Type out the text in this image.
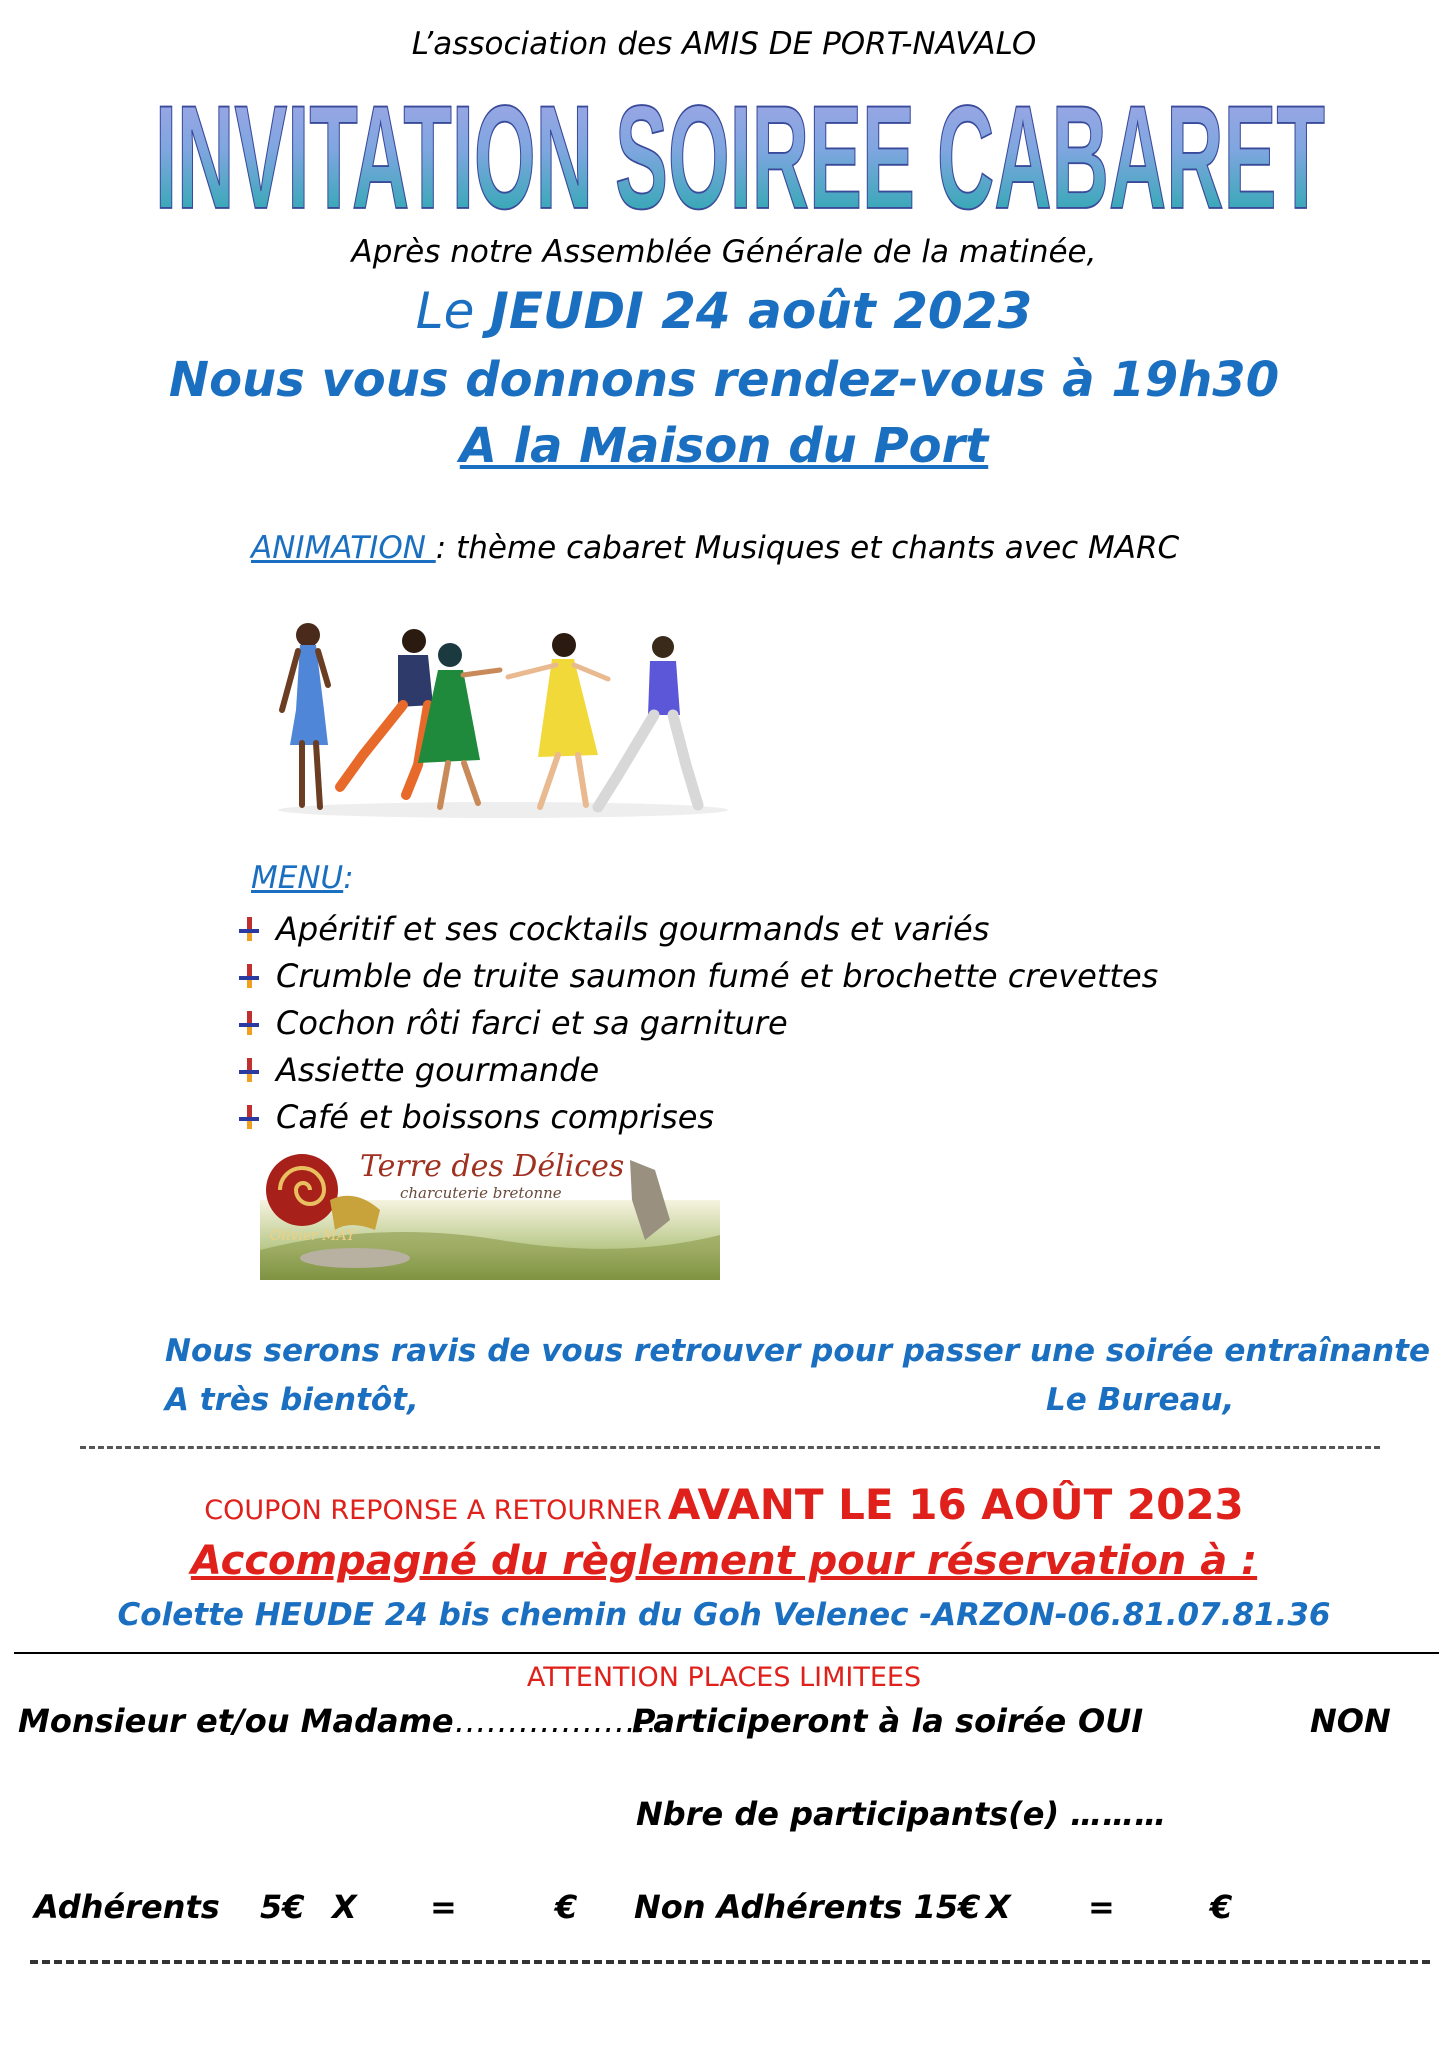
L’association des AMIS DE PORT-NAVALO
INVITATION SOIREE CABARET
Après notre Assemblée Générale de la matinée,
Le JEUDI 24 août 2023
Nous vous donnons rendez-vous à 19h30
A la Maison du Port
ANIMATION : thème cabaret Musiques et chants avec MARC
MENU:
Apéritif et ses cocktails gourmands et variés
Crumble de truite saumon fumé et brochette crevettes
Cochon rôti farci et sa garniture
Assiette gourmande
Café et boissons comprises
Terre des Délices
charcuterie bretonne
Olivier MAY
Nous serons ravis de vous retrouver pour passer une soirée entraînante
A très bientôt,	Le Bureau,
COUPON REPONSE A RETOURNER AVANT LE 16 AOÛT 2023
Accompagné du règlement pour réservation à :
Colette HEUDE 24 bis chemin du Goh Velenec -ARZON-06.81.07.81.36
ATTENTION PLACES LIMITEES
Monsieur et/ou Madame
…………………
Participeront à la soirée OUI	NON
Nbre de participants(e) ………
Adhérents 5€ X =	€ Non Adhérents 15€ X =	€
